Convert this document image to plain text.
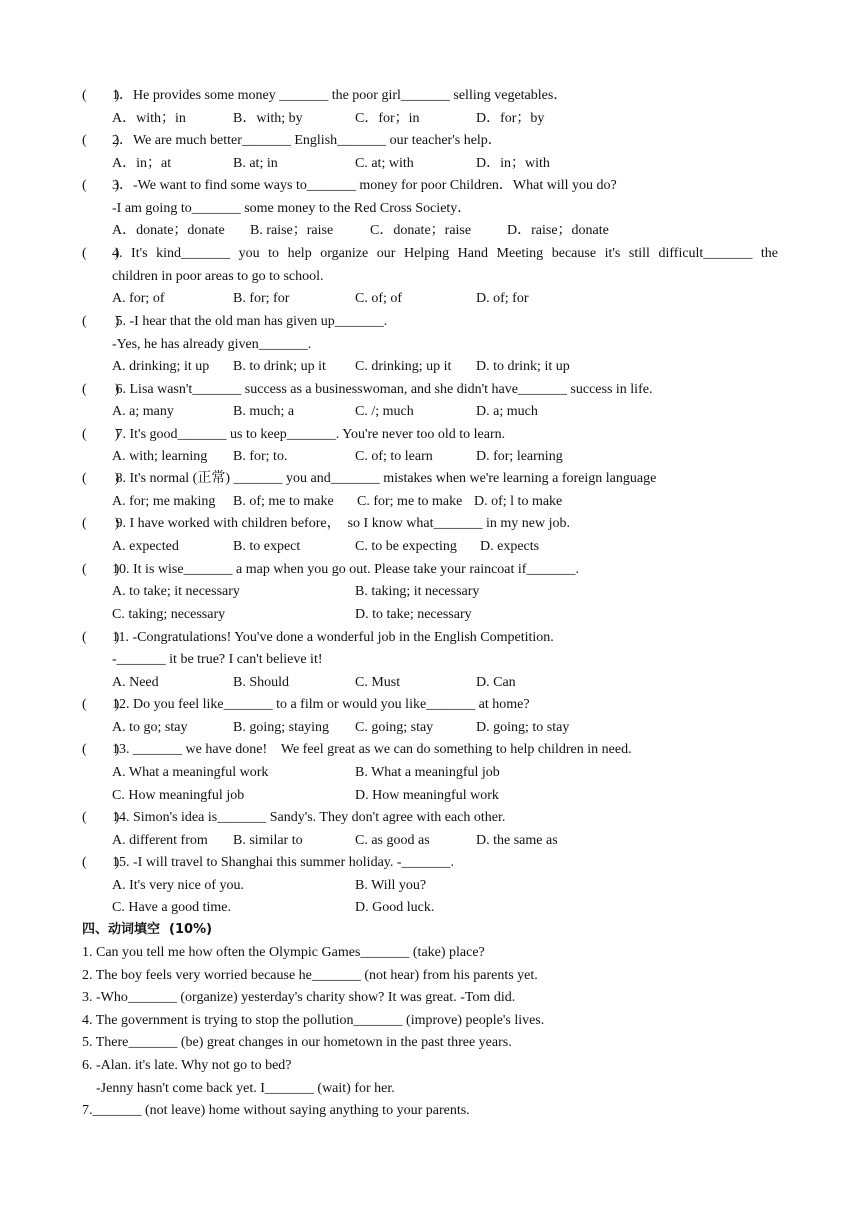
(        )
1．He provides some money _______ the poor girl_______ selling vegetables．
A．with；in	B．with; by	C．for；in	D．for；by
(        )
2．We are much better_______ English_______ our teacher's help．
A．in；at	B. at; in	C. at; with	D．in；with
(        )
3．-We want to find some ways to_______ money for poor Children．What will you do?
-I am going to_______ some money to the Red Cross Society．
A．donate；donate B. raise；raise	C．donate；raise	D．raise；donate
(        )
4. It's kind_______ you to help organize our Helping Hand Meeting because it's still difficult_______ the
children in poor areas to go to school.
A. for; of	B. for; for	C. of; of	D. of; for
(        )
5. -I hear that the old man has given up_______.
-Yes, he has already given_______.
A. drinking; it up B. to drink; up it C. drinking; up it D. to drink; it up
(        )
6. Lisa wasn't_______ success as a businesswoman, and she didn't have_______ success in life.
A. a; many	B. much; a	C. /; much	D. a; much
(        )
7. It's good_______ us to keep_______. You're never too old to learn.
A. with; learning B. for; to.	C. of; to learn	D. for; learning
(        )
8. It's normal (正常) _______ you and_______ mistakes when we're learning a foreign language
A. for; me making B. of; me to make C. for; me to make D. of; l to make
(        )
9. I have worked with children before，  so I know what_______ in my new job.
A. expected	B. to expect	C. to be expecting D. expects
(        )
10. It is wise_______ a map when you go out. Please take your raincoat if_______.
A. to take; it necessary	B. taking; it necessary
C. taking; necessary	D. to take; necessary
(        )
11. -Congratulations! You've done a wonderful job in the English Competition.
-_______ it be true? I can't believe it!
A. Need	B. Should	C. Must	D. Can
(        )
12. Do you feel like_______ to a film or would you like_______ at home?
A. to go; stay	B. going; staying C. going; stay	D. going; to stay
(        )
13. _______ we have done!    We feel great as we can do something to help children in need.
A. What a meaningful work	B. What a meaningful job
C. How meaningful job	D. How meaningful work
(        )
14. Simon's idea is_______ Sandy's. They don't agree with each other.
A. different from B. similar to	C. as good as	D. the same as
(        )
15. -I will travel to Shanghai this summer holiday. -_______.
A. It's very nice of you.	B. Will you?
C. Have a good time.	D. Good luck.
四、动词填空  (10%)
1. Can you tell me how often the Olympic Games_______ (take) place?
2. The boy feels very worried because he_______ (not hear) from his parents yet.
3. -Who_______ (organize) yesterday's charity show? It was great. -Tom did.
4. The government is trying to stop the pollution_______ (improve) people's lives.
5. There_______ (be) great changes in our hometown in the past three years.
6. -Alan. it's late. Why not go to bed?
-Jenny hasn't come back yet. I_______ (wait) for her.
7._______ (not leave) home without saying anything to your parents.
